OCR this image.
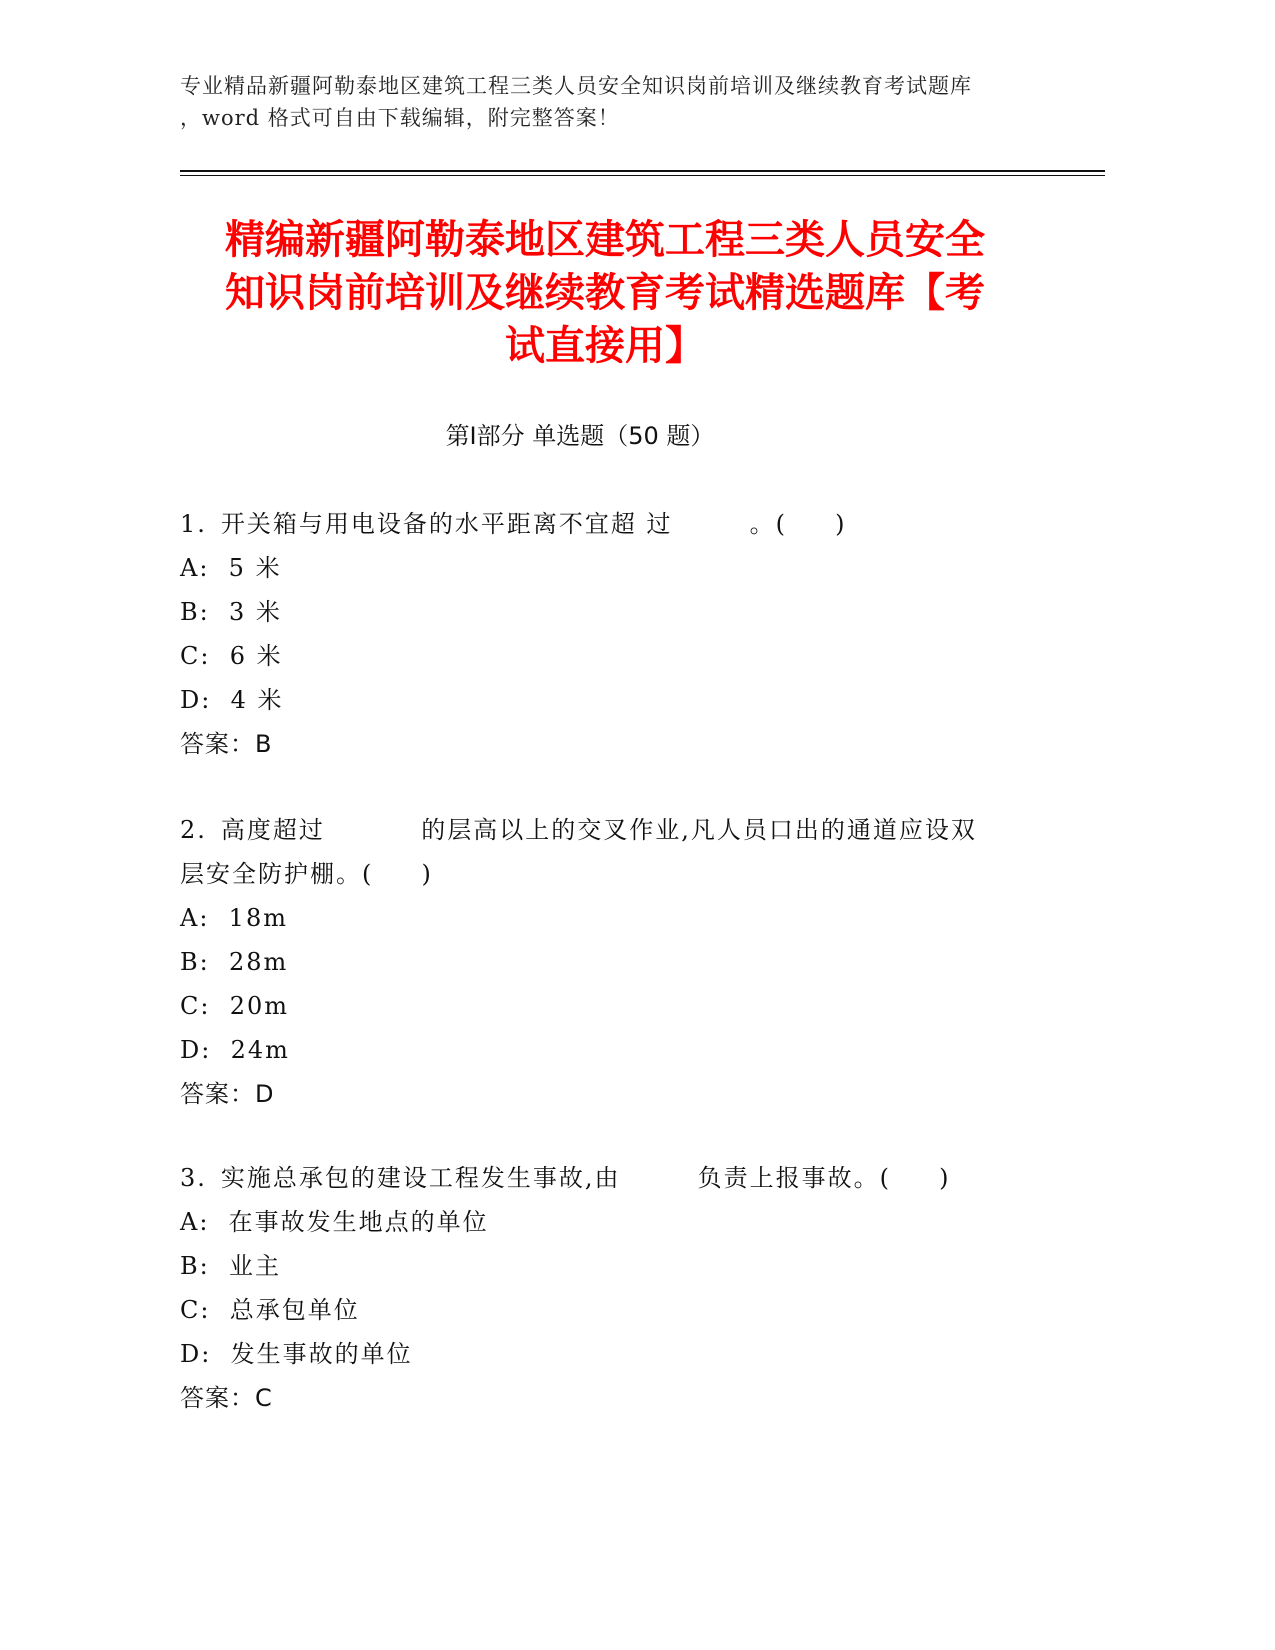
专业精品新疆阿勒泰地区建筑工程三类人员安全知识岗前培训及继续教育考试题库
，word 格式可自由下载编辑，附完整答案！
精编新疆阿勒泰地区建筑工程三类人员安全
知识岗前培训及继续教育考试精选题库【考
试直接用】
第Ⅰ部分 单选题（50 题）
1. 开关箱与用电设备的水平距离不宜超 过        。(     )
A:  5 米
B:  3 米
C:  6 米
D:  4 米
答案：B
2. 高度超过          的层高以上的交叉作业,凡人员口出的通道应设双
层安全防护棚。(     )
A:  18m
B:  28m
C:  20m
D:  24m
答案：D
3. 实施总承包的建设工程发生事故,由        负责上报事故。(     )
A:  在事故发生地点的单位
B:  业主
C:  总承包单位
D:  发生事故的单位
答案：C
